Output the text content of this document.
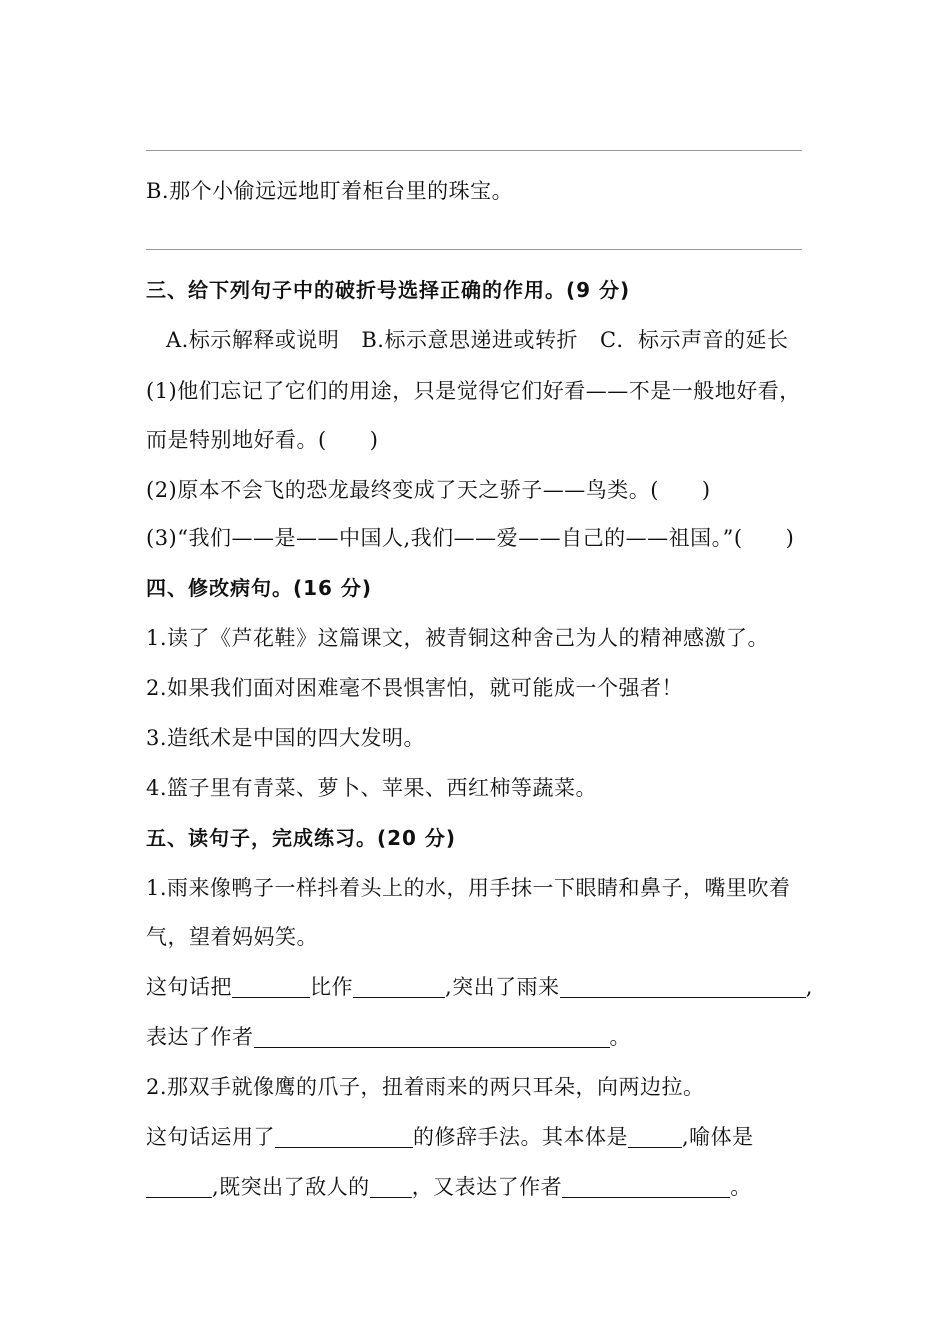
B.那个小偷远远地盯着柜台里的珠宝。
三、给下列句子中的破折号选择正确的作用。(9 分)
A.标示解释或说明 B.标示意思递进或转折 C．标示声音的延长
(1)他们忘记了它们的用途，只是觉得它们好看——不是一般地好看，
而是特别地好看。(　　)
(2)原本不会飞的恐龙最终变成了天之骄子——鸟类。(　　)
(3)“我们——是——中国人,我们——爱——自己的——祖国。”(　　)
四、修改病句。(16 分)
1.读了《芦花鞋》这篇课文，被青铜这种舍己为人的精神感激了。
2.如果我们面对困难毫不畏惧害怕，就可能成一个强者！
3.造纸术是中国的四大发明。
4.篮子里有青菜、萝卜、苹果、西红柿等蔬菜。
五、读句子，完成练习。(20 分)
1.雨来像鸭子一样抖着头上的水，用手抹一下眼睛和鼻子，嘴里吹着
气，望着妈妈笑。
这句话把	比作	,突出了雨来	,
表达了作者	。
2.那双手就像鹰的爪子，扭着雨来的两只耳朵，向两边拉。
这句话运用了	的修辞手法。其本体是	,喻体是
,既突出了敌人的 ，又表达了作者	。
